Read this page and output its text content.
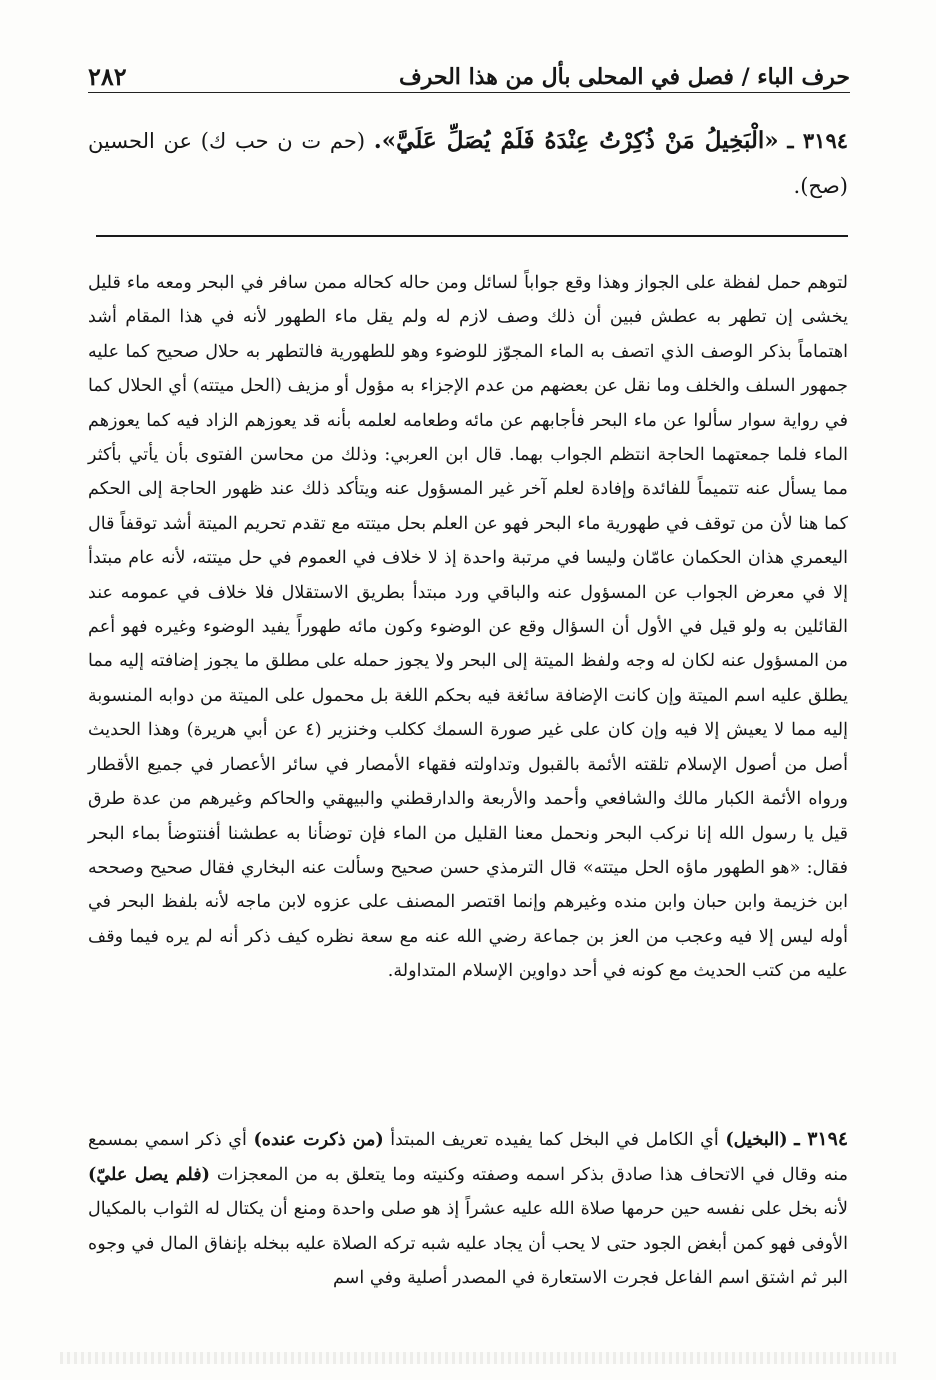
حرف الباء / فصل في المحلى بأل من هذا الحرف
٢٨٢

٣١٩٤ ـ «الْبَخِيلُ مَنْ ذُكِرْتُ عِنْدَهُ فَلَمْ يُصَلِّ عَلَيَّ». (حم ت ن حب ك) عن الحسين (صح).

لتوهم حمل لفظة على الجواز وهذا وقع جواباً لسائل ومن حاله كحاله ممن سافر في البحر ومعه ماء قليل يخشى إن تطهر به عطش فبين أن ذلك وصف لازم له ولم يقل ماء الطهور لأنه في هذا المقام أشد اهتماماً بذكر الوصف الذي اتصف به الماء المجوّز للوضوء وهو للطهورية فالتطهر به حلال صحيح كما عليه جمهور السلف والخلف وما نقل عن بعضهم من عدم الإجزاء به مؤول أو مزيف (الحل ميتته) أي الحلال كما في رواية سوار سألوا عن ماء البحر فأجابهم عن مائه وطعامه لعلمه بأنه قد يعوزهم الزاد فيه كما يعوزهم الماء فلما جمعتهما الحاجة انتظم الجواب بهما. قال ابن العربي: وذلك من محاسن الفتوى بأن يأتي بأكثر مما يسأل عنه تتميماً للفائدة وإفادة لعلم آخر غير المسؤول عنه ويتأكد ذلك عند ظهور الحاجة إلى الحكم كما هنا لأن من توقف في طهورية ماء البحر فهو عن العلم بحل ميتته مع تقدم تحريم الميتة أشد توقفاً قال اليعمري هذان الحكمان عامّان وليسا في مرتبة واحدة إذ لا خلاف في العموم في حل ميتته، لأنه عام مبتدأ إلا في معرض الجواب عن المسؤول عنه والباقي ورد مبتدأ بطريق الاستقلال فلا خلاف في عمومه عند القائلين به ولو قيل في الأول أن السؤال وقع عن الوضوء وكون مائه طهوراً يفيد الوضوء وغيره فهو أعم من المسؤول عنه لكان له وجه ولفظ الميتة إلى البحر ولا يجوز حمله على مطلق ما يجوز إضافته إليه مما يطلق عليه اسم الميتة وإن كانت الإضافة سائغة فيه بحكم اللغة بل محمول على الميتة من دوابه المنسوبة إليه مما لا يعيش إلا فيه وإن كان على غير صورة السمك ككلب وخنزير (٤ عن أبي هريرة) وهذا الحديث أصل من أصول الإسلام تلقته الأئمة بالقبول وتداولته فقهاء الأمصار في سائر الأعصار في جميع الأقطار ورواه الأئمة الكبار مالك والشافعي وأحمد والأربعة والدارقطني والبيهقي والحاكم وغيرهم من عدة طرق قيل يا رسول الله إنا نركب البحر ونحمل معنا القليل من الماء فإن توضأنا به عطشنا أفنتوضأ بماء البحر فقال: «هو الطهور ماؤه الحل ميتته» قال الترمذي حسن صحيح وسألت عنه البخاري فقال صحيح وصححه ابن خزيمة وابن حبان وابن منده وغيرهم وإنما اقتصر المصنف على عزوه لابن ماجه لأنه بلفظ البحر في أوله ليس إلا فيه وعجب من العز بن جماعة رضي الله عنه مع سعة نظره كيف ذكر أنه لم يره فيما وقف عليه من كتب الحديث مع كونه في أحد دواوين الإسلام المتداولة.

٣١٩٤ ـ (البخيل) أي الكامل في البخل كما يفيده تعريف المبتدأ (من ذكرت عنده) أي ذكر اسمي بمسمع منه وقال في الاتحاف هذا صادق بذكر اسمه وصفته وكنيته وما يتعلق به من المعجزات (فلم يصل عليّ) لأنه بخل على نفسه حين حرمها صلاة الله عليه عشراً إذ هو صلى واحدة ومنع أن يكتال له الثواب بالمكيال الأوفى فهو كمن أبغض الجود حتى لا يحب أن يجاد عليه شبه تركه الصلاة عليه ببخله بإنفاق المال في وجوه البر ثم اشتق اسم الفاعل فجرت الاستعارة في المصدر أصلية وفي اسم
